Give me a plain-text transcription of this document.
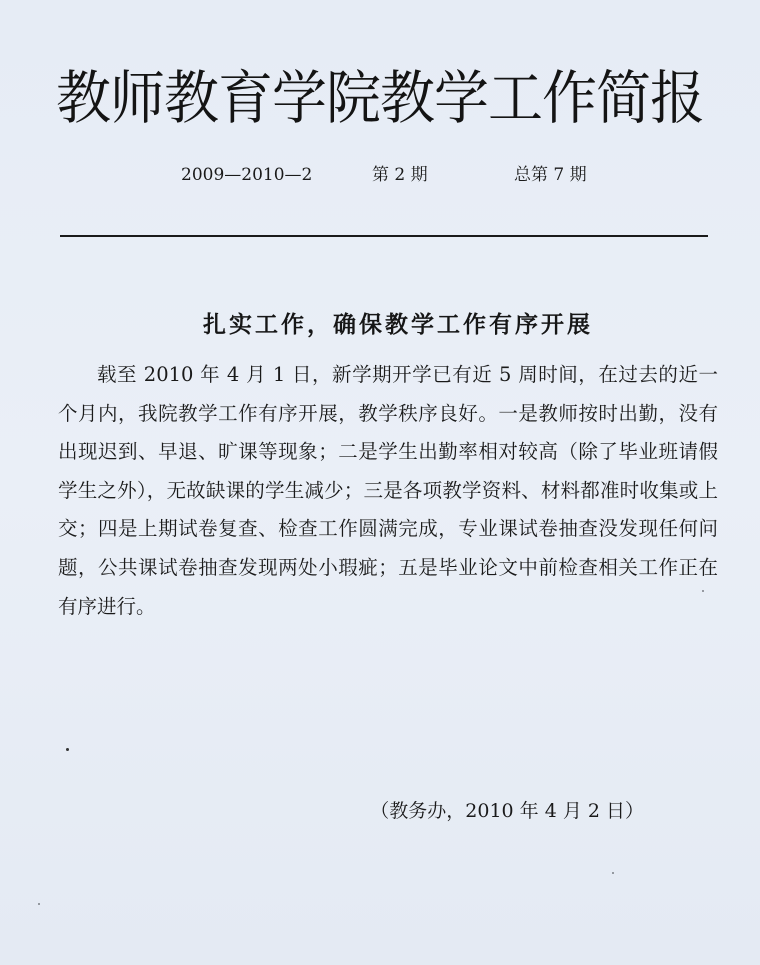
教师教育学院教学工作简报
2009—2010—2	第 2 期	总第 7 期
扎实工作，确保教学工作有序开展

载至 2010 年 4 月 1 日，新学期开学已有近 5 周时间，在过去的近一个月内，我院教学工作有序开展，教学秩序良好。一是教师按时出勤，没有出现迟到、早退、旷课等现象；二是学生出勤率相对较高（除了毕业班请假学生之外），无故缺课的学生减少；三是各项教学资料、材料都准时收集或上交；四是上期试卷复查、检查工作圆满完成，专业课试卷抽查没发现任何问题，公共课试卷抽查发现两处小瑕疵；五是毕业论文中前检查相关工作正在有序进行。

（教务办，2010 年 4 月 2 日）
